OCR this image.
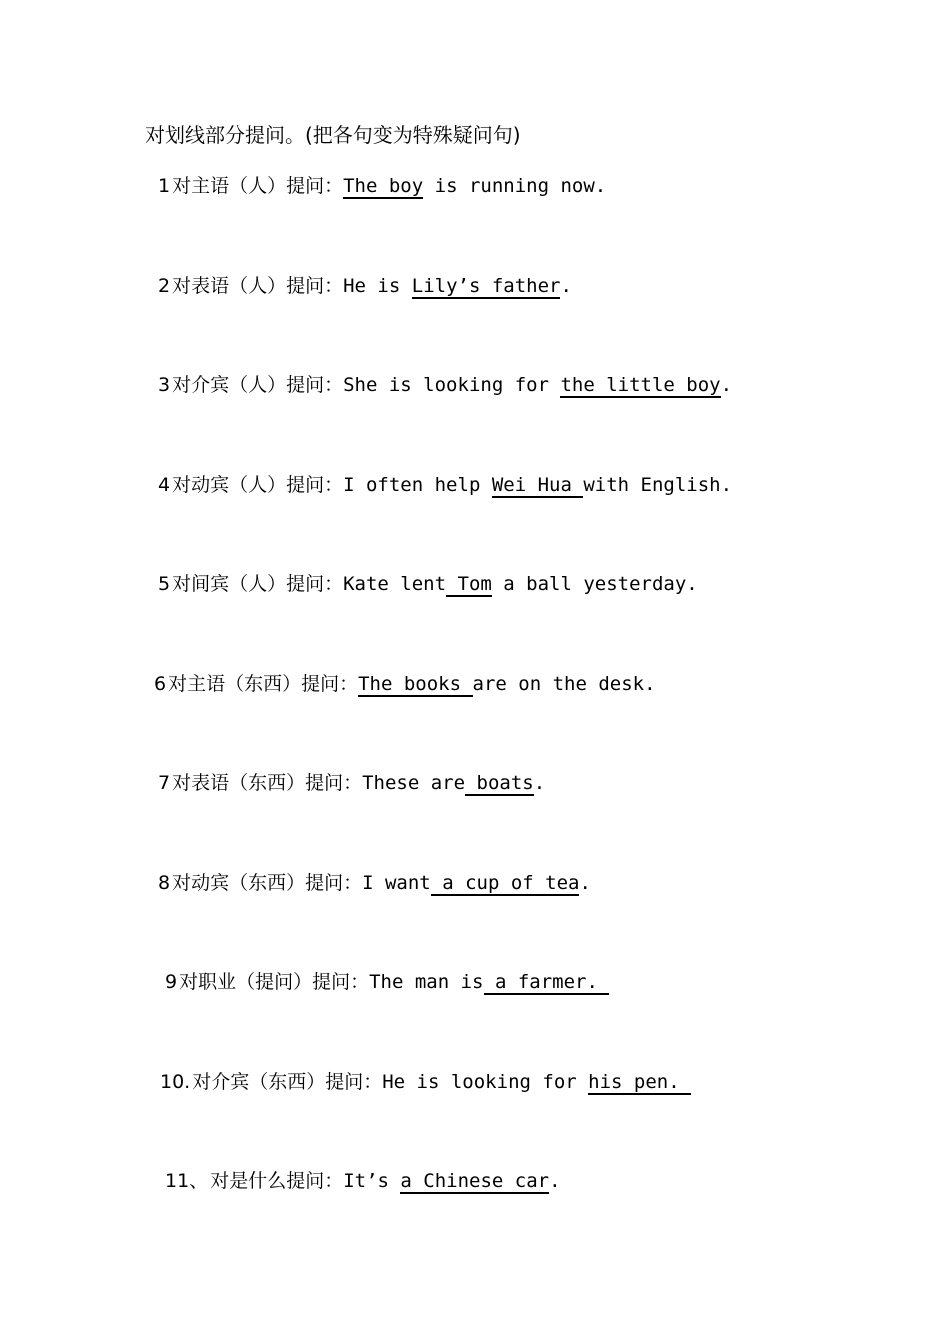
对划线部分提问。(把各句变为特殊疑问句)
1 对主语（人）提问：The boy is running now.
2 对表语（人）提问：He is Lily’s father.
3 对介宾（人）提问：She is looking for the little boy.
4 对动宾（人）提问：I often help Wei Hua with English.
5 对间宾（人）提问：Kate lent Tom a ball yesterday.
6 对主语（东西）提问：The books are on the desk.
7 对表语（东西）提问：These are boats.
8 对动宾（东西）提问：I want a cup of tea.
9 对职业（提问）提问：The man is a farmer.
10. 对介宾（东西）提问：He is looking for his pen.
11、 对是什么提问：It’s a Chinese car.
